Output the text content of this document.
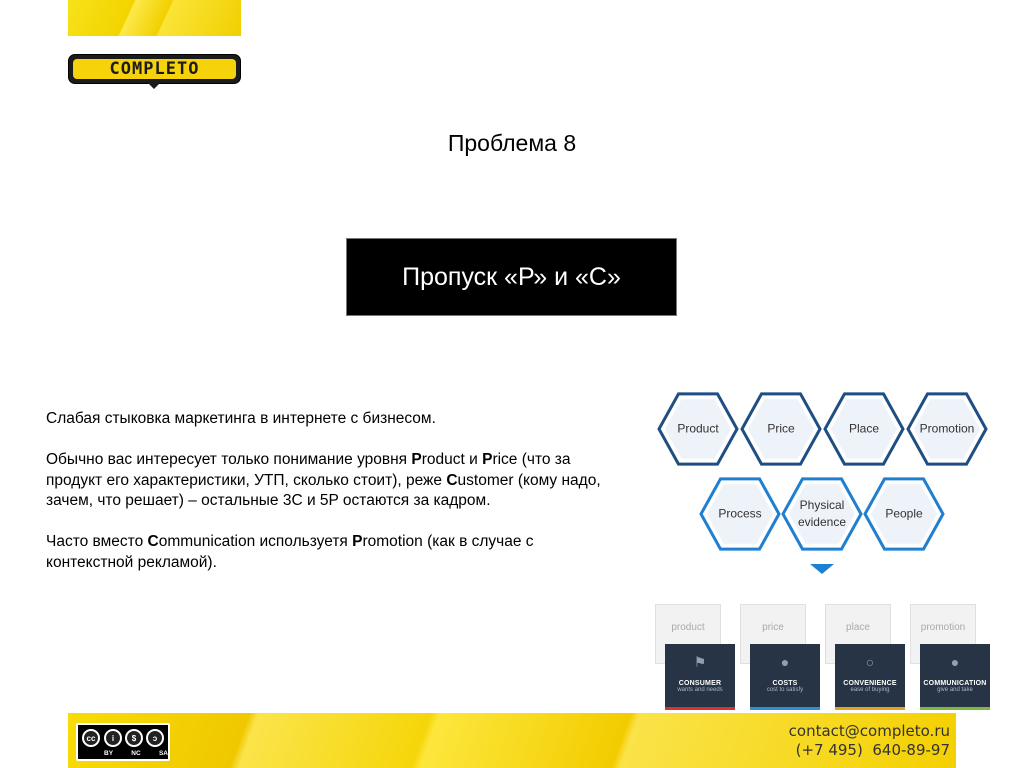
COMPLETO
Проблема 8
Пропуск «Р» и «С»

Слабая стыковка маркетинга в интернете с бизнесом.

Обычно вас интересует только понимание уровня Product и Price (что за продукт его характеристики, УТП, сколько стоит), реже Customer (кому надо, зачем, что решает) – остальные 3С и 5P остаются за кадром.

Часто вместо Communication используетя Promotion (как в случае с контекстной рекламой).

Product	Price	Place	Promotion
Process
Physical evidence
People
product	price	place	promotion
⚑
CONSUMER
wants and needs
●
COSTS
cost to satisfy
○
CONVENIENCE
ease of buying
●
COMMUNICATION
give and take
cc	i	$	ↄ
BY	NC	SA
contact@completo.ru
(+7 495)  640-89-97
